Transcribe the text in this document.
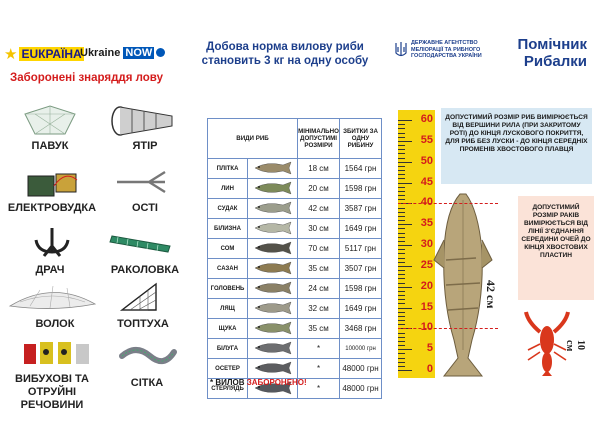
★ ЕUКРАЇНА
Ukraine NOW
Заборонені знаряддя лову
ПАВУК	ЯТІР
ЕЛЕКТРОВУДКА	ОСТІ
ДРАЧ	РАКОЛОВКА
ВОЛОК	ТОПТУХА
ВИБУХОВІ ТА ОТРУЙНІ РЕЧОВИНИ
СІТКА
Добова норма вилову риби становить 3 кг на одну особу
ДЕРЖАВНЕ АГЕНТСТВО МЕЛІОРАЦІЇ ТА РИБНОГО ГОСПОДАРСТВА УКРАЇНИ
Помічник Рибалки
ВИДИ РИБ		МІНІМАЛЬНО ДОПУСТИМІ РОЗМІРИ	ЗБИТКИ ЗА ОДНУ РИБИНУ
ПЛІТКА		18 см	1564 грн
ЛИН		20 см	1598 грн
СУДАК		42 см	3587 грн
БІЛИЗНА		30 см	1649 грн
СОМ		70 см	5117 грн
САЗАН		35 см	3507 грн
ГОЛОВЕНЬ		24 см	1598 грн
ЛЯЩ		32 см	1649 грн
ЩУКА		35 см	3468 грн
БІЛУГА		*	100000 грн
ОСЕТЕР		*	48000 грн
СТЕРЛЯДЬ		*	48000 грн
* ВИЛОВ ЗАБОРОНЕНО!
60
55
50
45
40
35
30
25
20
15
10
5
0
ДОПУСТИМИЙ РОЗМІР РИБ ВИМІРЮЄТЬСЯ ВІД ВЕРШИНИ РИЛА (ПРИ ЗАКРИТОМУ РОТІ) ДО КІНЦЯ ЛУСКОВОГО ПОКРИТТЯ, ДЛЯ РИБ БЕЗ ЛУСКИ - ДО КІНЦЯ СЕРЕДНІХ ПРОМЕНІВ ХВОСТОВОГО ПЛАВЦЯ
ДОПУСТИМИЙ РОЗМІР РАКІВ ВИМІРЮЄТЬСЯ ВІД ЛІНІЇ З'ЄДНАННЯ СЕРЕДИНИ ОЧЕЙ ДО КІНЦЯ ХВОСТОВИХ ПЛАСТИН
42 см
10 см
